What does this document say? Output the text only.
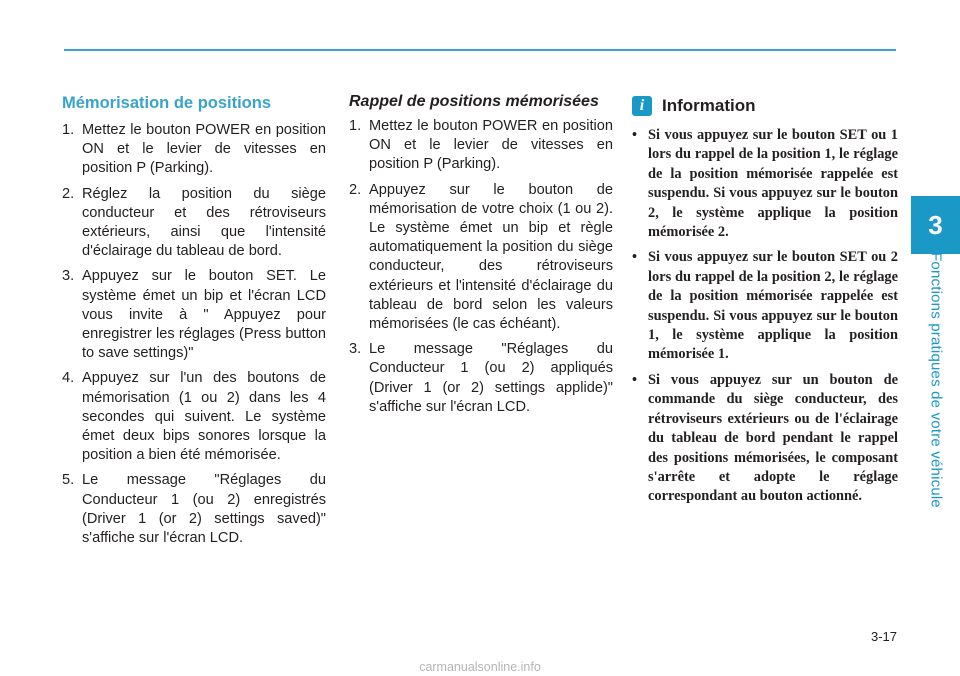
3
Fonctions pratiques de votre véhicule
Mémorisation de positions
1. Mettez le bouton POWER en position ON et le levier de vitesses en position P (Parking).
2. Réglez la position du siège conducteur et des rétroviseurs extérieurs, ainsi que l'intensité d'éclairage du tableau de bord.
3. Appuyez sur le bouton SET. Le système émet un bip et l'écran LCD vous invite à " Appuyez pour enregistrer les réglages (Press button to save settings)"
4. Appuyez sur l'un des boutons de mémorisation (1 ou 2) dans les 4 secondes qui suivent. Le système émet deux bips sonores lorsque la position a bien été mémorisée.
5. Le message "Réglages du Conducteur 1 (ou 2) enregistrés (Driver 1 (or 2) settings saved)" s'affiche sur l'écran LCD.
Rappel de positions mémorisées
1. Mettez le bouton POWER en position ON et le levier de vitesses en position P (Parking).
2. Appuyez sur le bouton de mémorisation de votre choix (1 ou 2). Le système émet un bip et règle automatiquement la position du siège conducteur, des rétroviseurs extérieurs et l'intensité d'éclairage du tableau de bord selon les valeurs mémorisées (le cas échéant).
3. Le message "Réglages du Conducteur 1 (ou 2) appliqués (Driver 1 (or 2) settings applide)" s'affiche sur l'écran LCD.
i	Information
• Si vous appuyez sur le bouton SET ou 1 lors du rappel de la position 1, le réglage de la position mémorisée rappelée est suspendu. Si vous appuyez sur le bouton 2, le système applique la position mémorisée 2.
• Si vous appuyez sur le bouton SET ou 2 lors du rappel de la position 2, le réglage de la position mémorisée rappelée est suspendu. Si vous appuyez sur le bouton 1, le système applique la position mémorisée 1.
• Si vous appuyez sur un bouton de commande du siège conducteur, des rétroviseurs extérieurs ou de l'éclairage du tableau de bord pendant le rappel des positions mémorisées, le composant s'arrête et adopte le réglage correspondant au bouton actionné.
3-17
carmanualsonline.info
